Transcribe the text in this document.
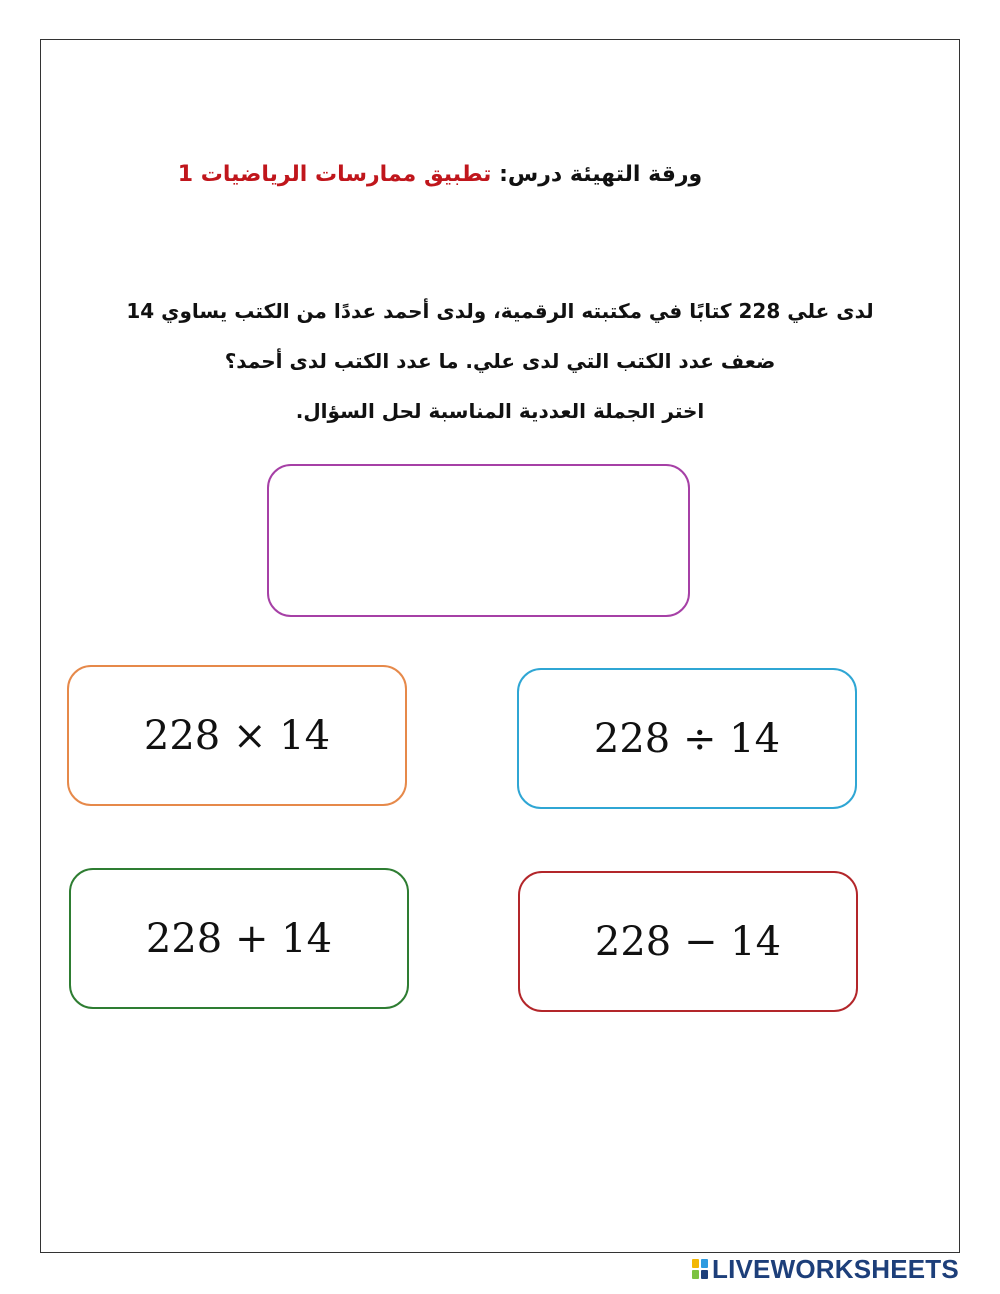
ورقة التهيئة درس: تطبيق ممارسات الرياضيات 1
لدى علي 228 كتابًا في مكتبته الرقمية، ولدى أحمد عددًا من الكتب يساوي 14
ضعف عدد الكتب التي لدى علي. ما عدد الكتب لدى أحمد؟
اختر الجملة العددية المناسبة لحل السؤال.
228 × 14	228 ÷ 14
228 + 14	228 − 14
LIVEWORKSHEETS
